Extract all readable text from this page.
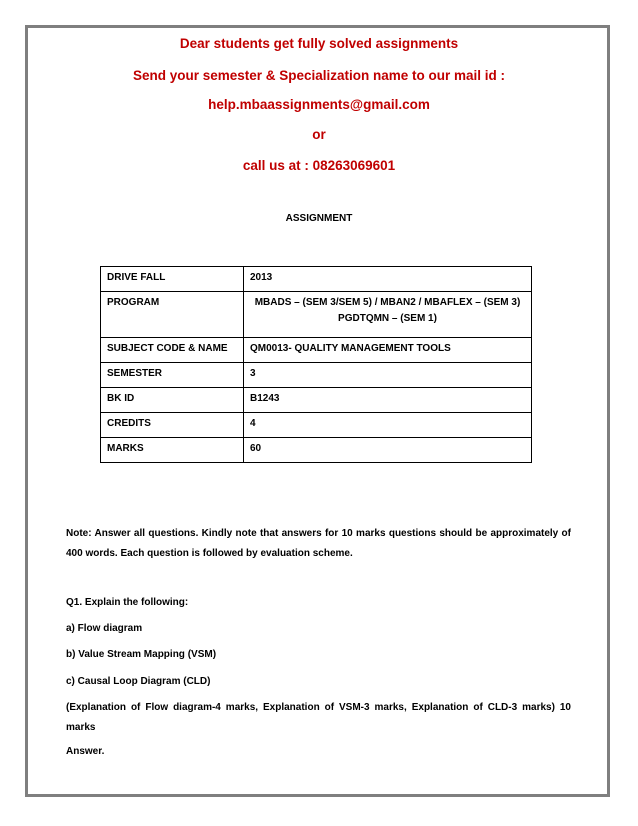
Dear students get fully solved assignments
Send your semester & Specialization name to our mail id :
help.mbaassignments@gmail.com
or
call us at : 08263069601
ASSIGNMENT
DRIVE FALL	2013
PROGRAM	MBADS – (SEM 3/SEM 5) / MBAN2 / MBAFLEX – (SEM 3)
PGDTQMN – (SEM 1)

SUBJECT CODE & NAME	QM0013- QUALITY MANAGEMENT TOOLS
SEMESTER	3
BK ID	B1243
CREDITS	4
MARKS	60
Note: Answer all questions. Kindly note that answers for 10 marks questions should be approximately of 400 words. Each question is followed by evaluation scheme.
Q1. Explain the following:
a) Flow diagram
b) Value Stream Mapping (VSM)
c) Causal Loop Diagram (CLD)
(Explanation of Flow diagram-4 marks, Explanation of VSM-3 marks, Explanation of CLD-3 marks) 10 marks
Answer.
